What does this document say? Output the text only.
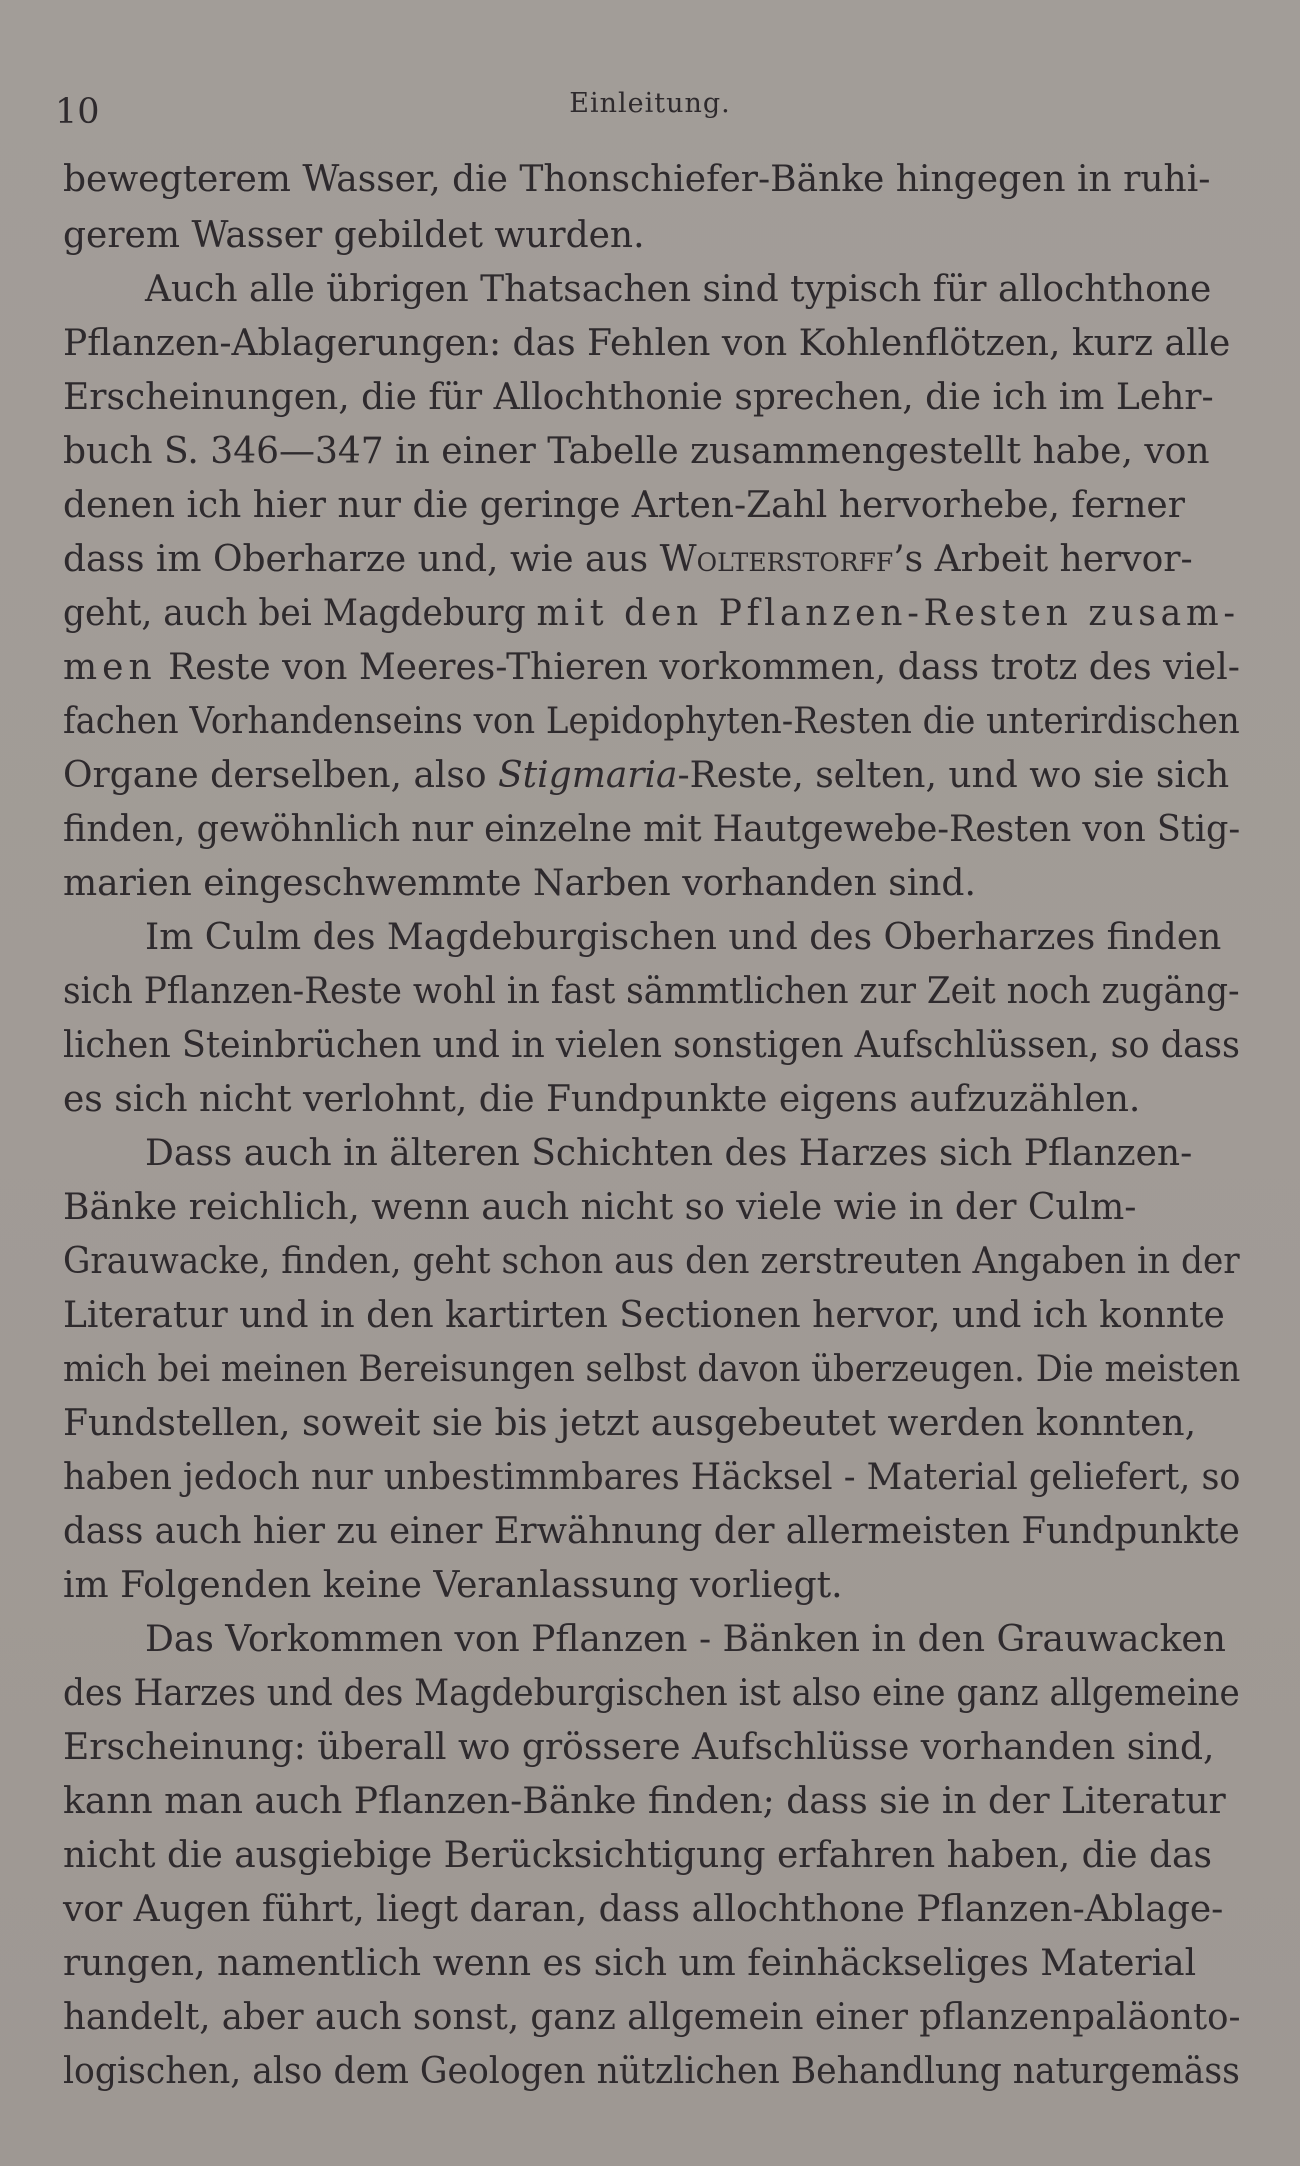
10	Einleitung.
bewegterem Wasser, die Thonschiefer-Bänke hingegen in ruhi-
gerem Wasser gebildet wurden.
Auch alle übrigen Thatsachen sind typisch für allochthone
Pflanzen-Ablagerungen: das Fehlen von Kohlenflötzen, kurz alle
Erscheinungen, die für Allochthonie sprechen, die ich im Lehr-
buch S. 346—347 in einer Tabelle zusammengestellt habe, von
denen ich hier nur die geringe Arten-Zahl hervorhebe, ferner
dass im Oberharze und, wie aus Wolterstorff’s Arbeit hervor-
geht, auch bei Magdeburg mit den Pflanzen-Resten zusam-
men Reste von Meeres-Thieren vorkommen, dass trotz des viel-
fachen Vorhandenseins von Lepidophyten-Resten die unterirdischen
Organe derselben, also Stigmaria-Reste, selten, und wo sie sich
finden, gewöhnlich nur einzelne mit Hautgewebe-Resten von Stig-
marien eingeschwemmte Narben vorhanden sind.
Im Culm des Magdeburgischen und des Oberharzes finden
sich Pflanzen-Reste wohl in fast sämmtlichen zur Zeit noch zugäng-
lichen Steinbrüchen und in vielen sonstigen Aufschlüssen, so dass
es sich nicht verlohnt, die Fundpunkte eigens aufzuzählen.
Dass auch in älteren Schichten des Harzes sich Pflanzen-
Bänke reichlich, wenn auch nicht so viele wie in der Culm-
Grauwacke, finden, geht schon aus den zerstreuten Angaben in der
Literatur und in den kartirten Sectionen hervor, und ich konnte
mich bei meinen Bereisungen selbst davon überzeugen. Die meisten
Fundstellen, soweit sie bis jetzt ausgebeutet werden konnten,
haben jedoch nur unbestimmbares Häcksel - Material geliefert, so
dass auch hier zu einer Erwähnung der allermeisten Fundpunkte
im Folgenden keine Veranlassung vorliegt.
Das Vorkommen von Pflanzen - Bänken in den Grauwacken
des Harzes und des Magdeburgischen ist also eine ganz allgemeine
Erscheinung: überall wo grössere Aufschlüsse vorhanden sind,
kann man auch Pflanzen-Bänke finden; dass sie in der Literatur
nicht die ausgiebige Berücksichtigung erfahren haben, die das
vor Augen führt, liegt daran, dass allochthone Pflanzen-Ablage-
rungen, namentlich wenn es sich um feinhäckseliges Material
handelt, aber auch sonst, ganz allgemein einer pflanzenpaläonto-
logischen, also dem Geologen nützlichen Behandlung naturgemäss
